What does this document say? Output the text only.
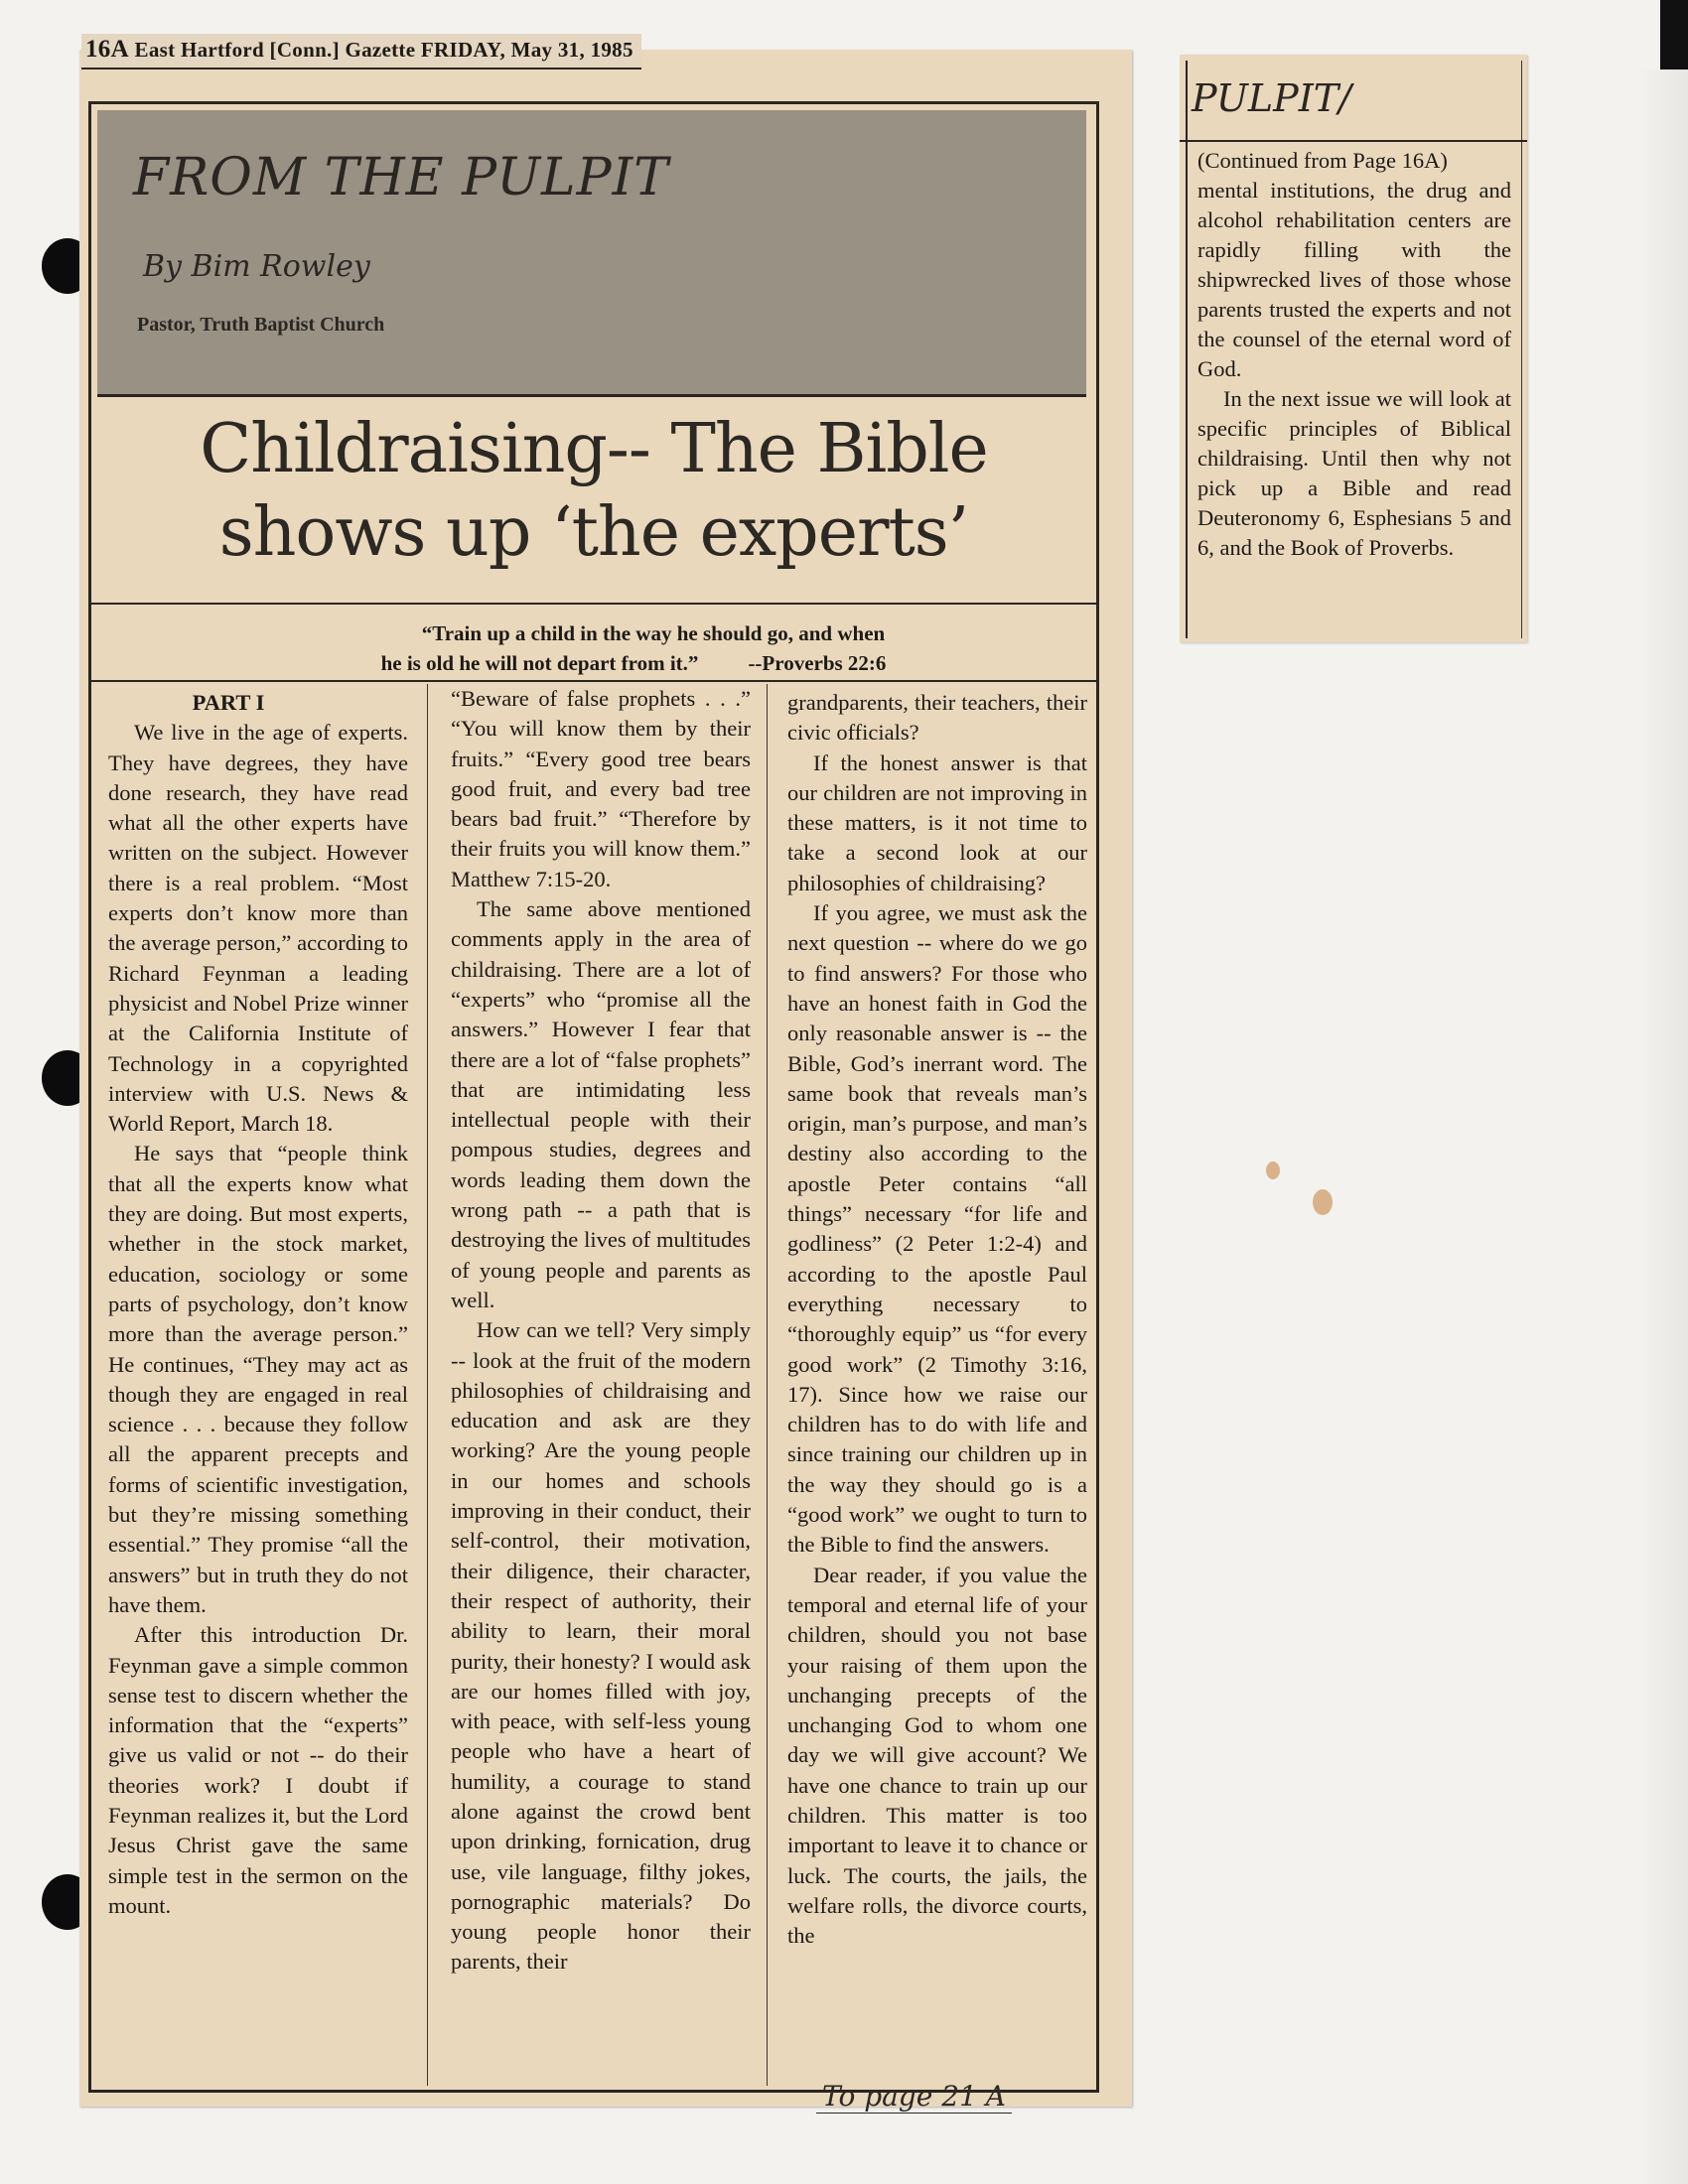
16A East Hartford [Conn.] Gazette FRIDAY, May 31, 1985
FROM THE PULPIT
By Bim Rowley
Pastor, Truth Baptist Church
Childraising-- The Bible
shows up ‘the experts’
“Train up a child in the way he should go, and when
he is old he will not depart from it.” --Proverbs 22:6

PART I

We live in the age of experts. They have degrees, they have done research, they have read what all the other experts have written on the subject. However there is a real problem. “Most experts don’t know more than the average person,” according to Richard Feynman a leading physicist and Nobel Prize winner at the California Institute of Technology in a copyrighted interview with U.S. News & World Report, March 18.

He says that “people think that all the experts know what they are doing. But most experts, whether in the stock market, education, sociology or some parts of psychology, don’t know more than the average person.” He continues, “They may act as though they are engaged in real science . . . because they follow all the apparent precepts and forms of scientific investigation, but they’re missing something essential.” They promise “all the answers” but in truth they do not have them.

After this introduction Dr. Feynman gave a simple common sense test to discern whether the information that the “experts” give us valid or not -- do their theories work? I doubt if Feynman realizes it, but the Lord Jesus Christ gave the same simple test in the sermon on the mount.

“Beware of false prophets . . .” “You will know them by their fruits.” “Every good tree bears good fruit, and every bad tree bears bad fruit.” “Therefore by their fruits you will know them.” Matthew 7:15-20.

The same above mentioned comments apply in the area of childraising. There are a lot of “experts” who “promise all the answers.” However I fear that there are a lot of “false prophets” that are intimidating less intellectual people with their pompous studies, degrees and words leading them down the wrong path -- a path that is destroying the lives of multitudes of young people and parents as well.

How can we tell? Very simply -- look at the fruit of the modern philosophies of childraising and education and ask are they working? Are the young people in our homes and schools improving in their conduct, their self-control, their motivation, their diligence, their character, their respect of authority, their ability to learn, their moral purity, their honesty? I would ask are our homes filled with joy, with peace, with self-less young people who have a heart of humility, a courage to stand alone against the crowd bent upon drinking, fornication, drug use, vile language, filthy jokes, pornographic materials? Do young people honor their parents, their

grandparents, their teachers, their civic officials?

If the honest answer is that our children are not improving in these matters, is it not time to take a second look at our philosophies of childraising?

If you agree, we must ask the next question -- where do we go to find answers? For those who have an honest faith in God the only reasonable answer is -- the Bible, God’s inerrant word. The same book that reveals man’s origin, man’s purpose, and man’s destiny also according to the apostle Peter contains “all things” necessary “for life and godliness” (2 Peter 1:2-4) and according to the apostle Paul everything necessary to “thoroughly equip” us “for every good work” (2 Timothy 3:16, 17). Since how we raise our children has to do with life and since training our children up in the way they should go is a “good work” we ought to turn to the Bible to find the answers.

Dear reader, if you value the temporal and eternal life of your children, should you not base your raising of them upon the unchanging precepts of the unchanging God to whom one day we will give account? We have one chance to train up our children. This matter is too important to leave it to chance or luck. The courts, the jails, the welfare rolls, the divorce courts, the

To page 21 A
PULPIT/

(Continued from Page 16A)

mental institutions, the drug and alcohol rehabilitation centers are rapidly filling with the shipwrecked lives of those whose parents trusted the experts and not the counsel of the eternal word of God.

In the next issue we will look at specific principles of Biblical childraising. Until then why not pick up a Bible and read Deuteronomy 6, Esphesians 5 and 6, and the Book of Proverbs.
